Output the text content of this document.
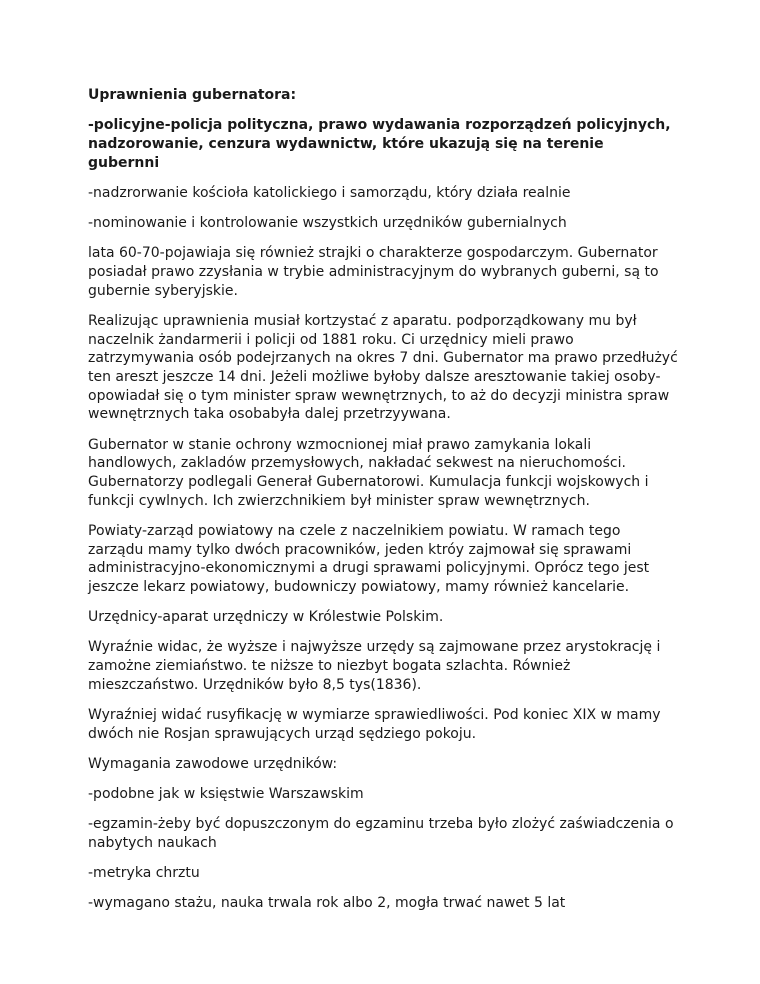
Uprawnienia gubernatora:

-policyjne-policja polityczna, prawo wydawania rozporządzeń policyjnych, nadzorowanie, cenzura wydawnictw, które ukazują się na terenie gubernni

-nadzrorwanie kościoła katolickiego i samorządu, który działa realnie

-nominowanie i kontrolowanie wszystkich urzędników gubernialnych

lata 60-70-pojawiaja się również strajki o charakterze gospodarczym. Gubernator posiadał prawo zzysłania w trybie administracyjnym do wybranych guberni, są to gubernie syberyjskie.

Realizując uprawnienia musiał kortzystać z aparatu. podporządkowany mu był naczelnik żandarmerii i policji od 1881 roku. Ci urzędnicy mieli prawo zatrzymywania osób podejrzanych na okres 7 dni. Gubernator ma prawo przedłużyć ten areszt jeszcze 14 dni. Jeżeli możliwe byłoby dalsze aresztowanie takiej osoby-opowiadał się o tym minister spraw wewnętrznych, to aż do decyzji ministra spraw wewnętrznych taka osobabyła dalej przetrzyywana.

Gubernator w stanie ochrony wzmocnionej miał prawo zamykania lokali handlowych, zakladów przemysłowych, nakładać sekwest na nieruchomości. Gubernatorzy podlegali Generał Gubernatorowi. Kumulacja funkcji wojskowych i funkcji cywlnych. Ich zwierzchnikiem był minister spraw wewnętrznych.

Powiaty-zarząd powiatowy na czele z naczelnikiem powiatu. W ramach tego zarządu mamy tylko dwóch pracowników, jeden ktróy zajmował się sprawami administracyjno-ekonomicznymi a drugi sprawami policyjnymi. Oprócz tego jest jeszcze lekarz powiatowy, budowniczy powiatowy, mamy również kancelarie.

Urzędnicy-aparat urzędniczy w Królestwie Polskim.

Wyraźnie widac, że wyższe i najwyższe urzędy są zajmowane przez arystokrację i zamożne ziemiaństwo. te niższe to niezbyt bogata szlachta. Również mieszczaństwo. Urzędników było 8,5 tys(1836).

Wyraźniej widać rusyfikację w wymiarze sprawiedliwości. Pod koniec XIX w mamy dwóch nie Rosjan sprawujących urząd sędziego pokoju.

Wymagania zawodowe urzędników:

-podobne jak w księstwie Warszawskim

-egzamin-żeby być dopuszczonym do egzaminu trzeba było zlożyć zaświadczenia o nabytych naukach

-metryka chrztu

-wymagano stażu, nauka trwala rok albo 2, mogła trwać nawet 5 lat
